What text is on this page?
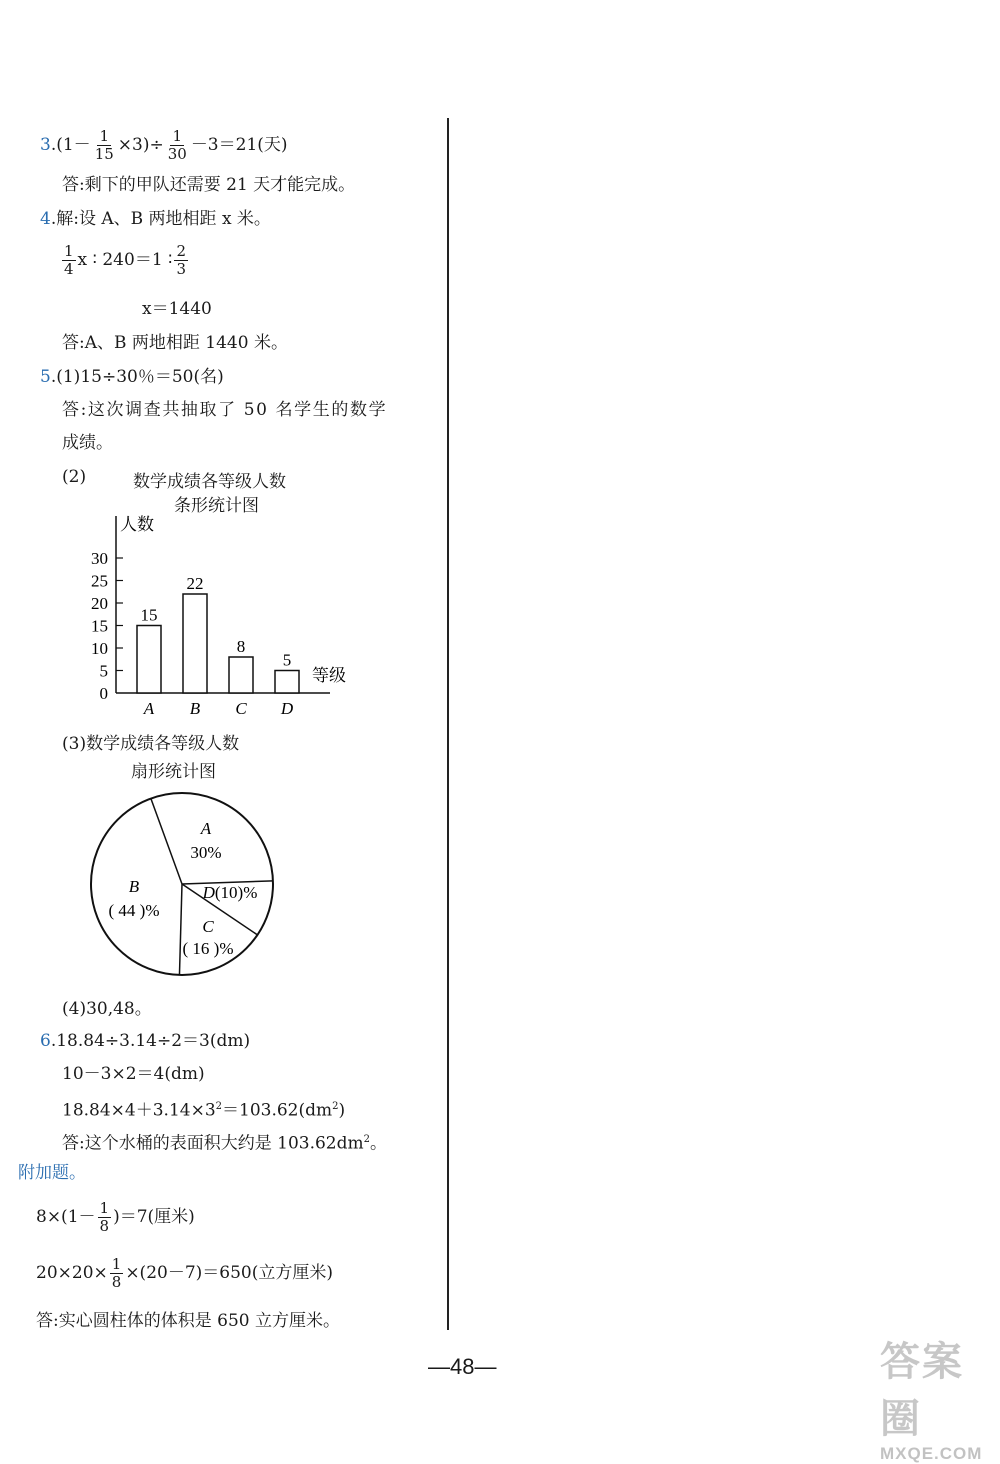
$3.(1- \frac{1}{15} \times 3)\div \frac{1}{30} -3=21$(天)
答:剩下的甲队还需要 21 天才能完成。
4.解:设 A、B 两地相距 x 米。
$\frac{1}{4}$ x ∶ 240＝1 ∶ $\frac{2}{3}$
x＝1440
答:A、B 两地相距 1440 米。
5.(1)15÷30％＝50(名)
答:这次调查共抽取了 50 名学生的数学
成绩。
(2)	数学成绩各等级人数
条形统计图
人数
等级
0
5
10
15
20
25
30
15
A
22
B
8
C
5
D
(3)数学成绩各等级人数
扇形统计图
A
30%
D(10)%
C
( 16 )%
B
( 44 )%
(4)30,48。
6.18.84÷3.14÷2＝3(dm)
10－3×2＝4(dm)
$18.84\times 4+3.14\times 3^2=103.62(dm^2)$
答:这个水桶的表面积大约是 $103.62dm^2$。
附加题。
$8\times(1- \frac{1}{8} )=7$(厘米)
$20\times 20\times \frac{1}{8} \times(20-7)=650$(立方厘米)
答:实心圆柱体的体积是 650 立方厘米。
—48—	答案圈
MXQE.COM
